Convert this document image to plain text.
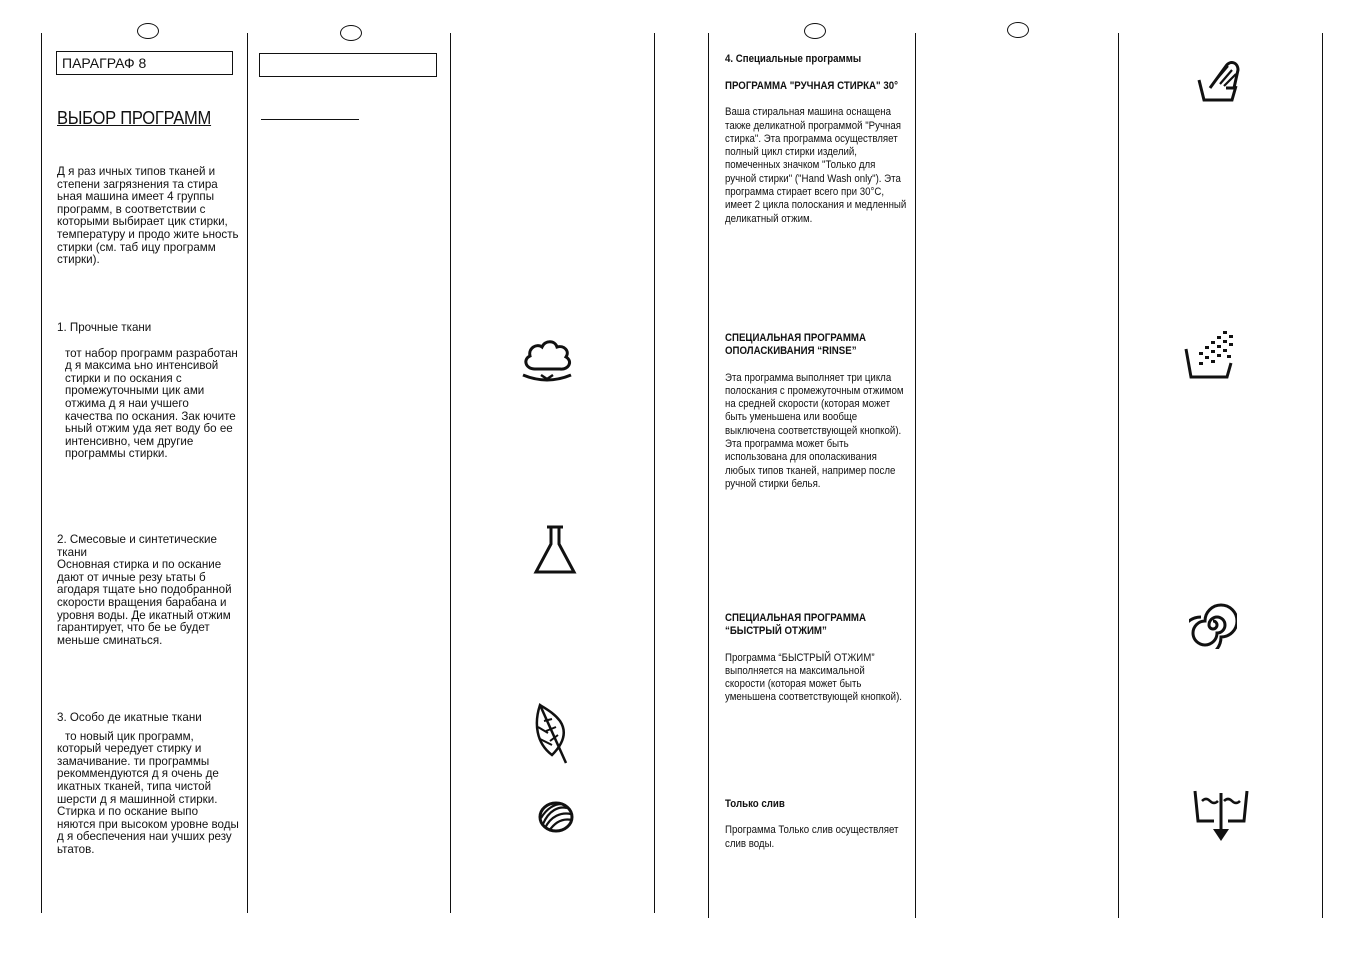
ПАРАГРАФ 8
ВЫБОР ПРОГРАММ

Д я раз ичных типов тканей и степени загрязнения та стира ьная машина имеет 4 группы программ, в соответствии с которыми выбирает цик стирки, температуру и продо жите ьность стирки (см. таб ицу программ стирки).

1. Прочные ткани

тот набор программ разработан д я максима ьно интенсивой стирки и по оскания с промежуточными цик ами отжима д я наи учшего качества по оскания. Зак ючите ьный отжим уда яет воду бо ее интенсивно, чем другие программы стирки.

2. Смесовые и синтетические ткани

Основная стирка и по оскание дают от ичные резу ьтаты б агодаря тщате ьно подобранной скорости вращения барабана и уровня воды. Де икатный отжим гарантирует, что бе ье будет меньше сминаться.

3. Особо де икатные ткани

то новый цик программ, который чередует стирку и замачивание. ти программы рекоммендуются д я очень де икатных тканей, типа чистой шерсти д я машинной стирки. Стирка и по оскание выпо няются при высоком уровне воды д я обеспечения наи учших резу ьтатов.

4. Специальные программы
ПРОГРАММА "РУЧНАЯ СТИРКА" 30°

Ваша стиральная машина оснащена также деликатной программой "Ручная стирка". Эта программа осуществляет полный цикл стирки изделий, помеченных значком "Только для ручной стирки" ("Hand Wash only"). Эта программа стирает всего при 30°С, имеет 2 цикла полоскания и медленный деликатный отжим.

СПЕЦИАЛЬНАЯ ПРОГРАММА ОПОЛАСКИВАНИЯ “RINSE”

Эта программа выполняет три цикла полоскания с промежуточным отжимом на средней скорости (которая может быть уменьшена или вообще выключена соответствующей кнопкой). Эта программа может быть использована для ополаскивания любых типов тканей, например после ручной стирки белья.

СПЕЦИАЛЬНАЯ ПРОГРАММА “БЫСТРЫЙ ОТЖИМ”

Программа “БЫСТРЫЙ ОТЖИМ” выполняется на максимальной скорости (которая может быть уменьшена соответствующей кнопкой).

Только слив

Программа Только слив осуществляет слив воды.
